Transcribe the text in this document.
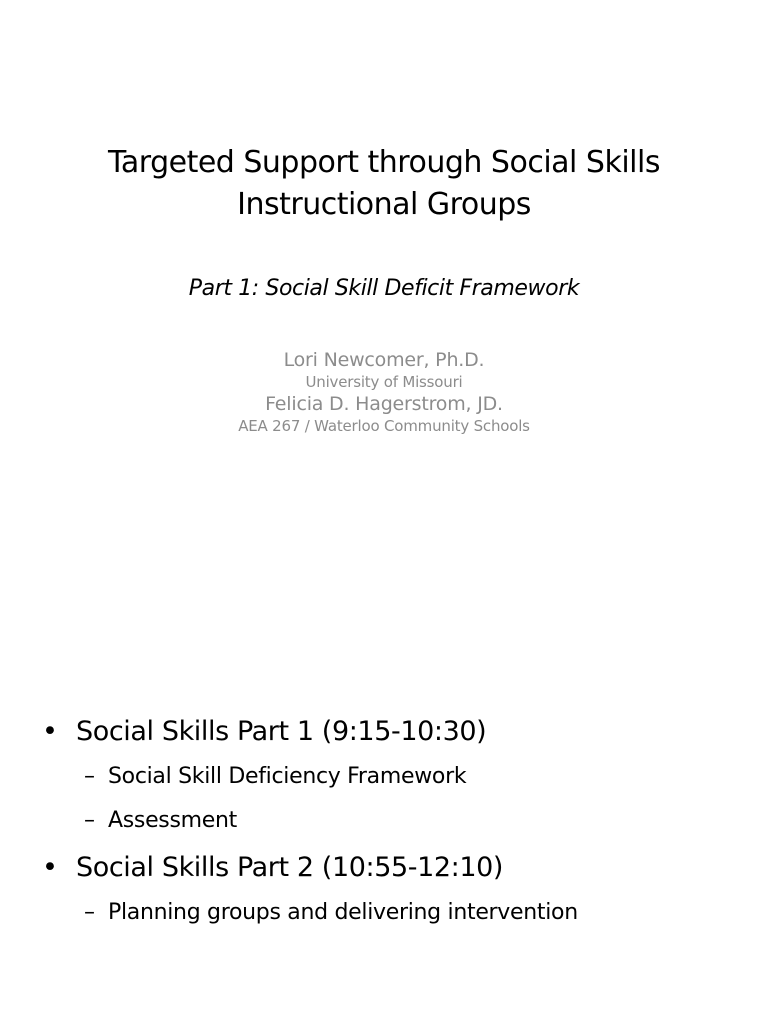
Targeted Support through Social Skills
Instructional Groups
Part 1: Social Skill Deficit Framework
Lori Newcomer, Ph.D.
University of Missouri
Felicia D. Hagerstrom, JD.
AEA 267 / Waterloo Community Schools
• Social Skills Part 1 (9:15-10:30)
– Social Skill Deficiency Framework
– Assessment
• Social Skills Part 2 (10:55-12:10)
– Planning groups and delivering intervention
